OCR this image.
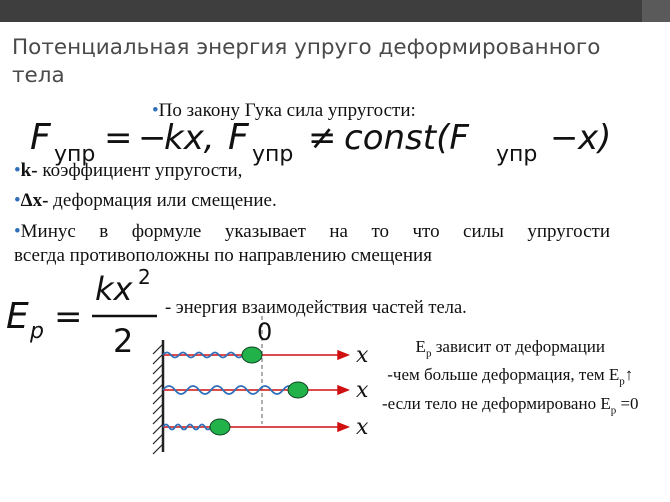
Потенциальная энергия упруго деформированного тела
•По закону Гука сила упругости:
F упр = −
kx, F упр ≠ const(F упр − x)
•k- коэффициент упругости,
•Δx- деформация или смещение.
•Минус в формуле указывает на то что силы упругости
всегда противоположны по направлению смещения
E p =
kx 2
2
- энергия взаимодействия частей тела.
0
x
x
x
$Е_р$ зависит от деформации
-чем больше деформация, тем $Е_р↑$
-если тело не деформировано $Е_р =0$
